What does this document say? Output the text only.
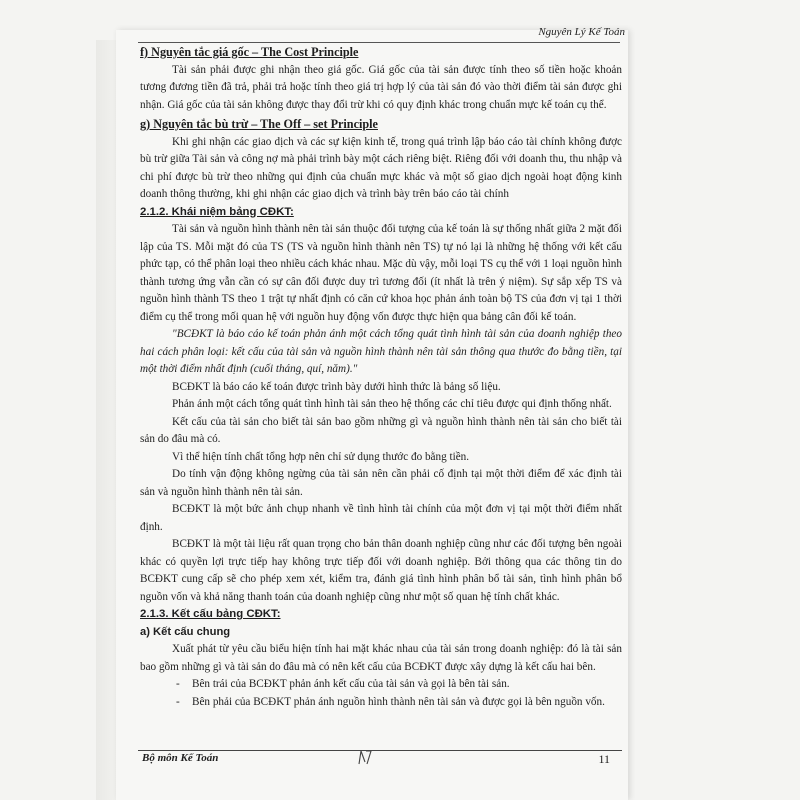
Nguyên Lý Kế Toán

f) Nguyên tắc giá gốc – The Cost Principle

Tài sản phải được ghi nhận theo giá gốc. Giá gốc của tài sản được tính theo số tiền hoặc khoản tương đương tiền đã trả, phải trả hoặc tính theo giá trị hợp lý của tài sản đó vào thời điểm tài sản được ghi nhận. Giá gốc của tài sản không được thay đổi trừ khi có quy định khác trong chuẩn mực kế toán cụ thể.

g) Nguyên tắc bù trừ – The Off – set Principle

Khi ghi nhận các giao dịch và các sự kiện kinh tế, trong quá trình lập báo cáo tài chính không được bù trừ giữa Tài sản và công nợ mà phải trình bày một cách riêng biệt. Riêng đối với doanh thu, thu nhập và chi phí được bù trừ theo những qui định của chuẩn mực khác và một số giao dịch ngoài hoạt động kinh doanh thông thường, khi ghi nhận các giao dịch và trình bày trên báo cáo tài chính

2.1.2. Khái niệm bảng CĐKT:

Tài sản và nguồn hình thành nên tài sản thuộc đối tượng của kế toán là sự thống nhất giữa 2 mặt đối lập của TS. Mỗi mặt đó của TS (TS và nguồn hình thành nên TS) tự nó lại là những hệ thống với kết cấu phức tạp, có thể phân loại theo nhiều cách khác nhau. Mặc dù vậy, mỗi loại TS cụ thể với 1 loại nguồn hình thành tương ứng vẫn cần có sự cân đối được duy trì tương đối (ít nhất là trên ý niệm). Sự sắp xếp TS và nguồn hình thành TS theo 1 trật tự nhất định có căn cứ khoa học phản ánh toàn bộ TS của đơn vị tại 1 thời điểm cụ thể trong mối quan hệ với nguồn huy động vốn được thực hiện qua bảng cân đối kế toán.

"BCĐKT là báo cáo kế toán phản ánh một cách tổng quát tình hình tài sản của doanh nghiệp theo hai cách phân loại: kết cấu của tài sản và nguồn hình thành nên tài sản thông qua thước đo bằng tiền, tại một thời điểm nhất định (cuối tháng, quí, năm)."

BCĐKT là báo cáo kế toán được trình bày dưới hình thức là bảng số liệu.

Phản ánh một cách tổng quát tình hình tài sản theo hệ thống các chỉ tiêu được qui định thống nhất.

Kết cấu của tài sản cho biết tài sản bao gồm những gì và nguồn hình thành nên tài sản cho biết tài sản do đâu mà có.

Vì thể hiện tính chất tổng hợp nên chỉ sử dụng thước đo bằng tiền.

Do tính vận động không ngừng của tài sản nên cần phải cố định tại một thời điểm để xác định tài sản và nguồn hình thành nên tài sản.

BCĐKT là một bức ảnh chụp nhanh về tình hình tài chính của một đơn vị tại một thời điểm nhất định.

BCĐKT là một tài liệu rất quan trọng cho bản thân doanh nghiệp cũng như các đối tượng bên ngoài khác có quyền lợi trực tiếp hay không trực tiếp đối với doanh nghiệp. Bởi thông qua các thông tin do BCĐKT cung cấp sẽ cho phép xem xét, kiểm tra, đánh giá tình hình phân bổ tài sản, tình hình phân bổ nguồn vốn và khả năng thanh toán của doanh nghiệp cũng như một số quan hệ tính chất khác.

2.1.3. Kết cấu bảng CĐKT:

a) Kết cấu chung

Xuất phát từ yêu cầu biểu hiện tính hai mặt khác nhau của tài sản trong doanh nghiệp: đó là tài sản bao gồm những gì và tài sản do đâu mà có nên kết cấu của BCĐKT được xây dựng là kết cấu hai bên.

-	Bên trái của BCĐKT phản ánh kết cấu của tài sản và gọi là bên tài sản.
-	Bên phải của BCĐKT phản ánh nguồn hình thành nên tài sản và được gọi là bên nguồn vốn.
Bộ môn Kế Toán	11
